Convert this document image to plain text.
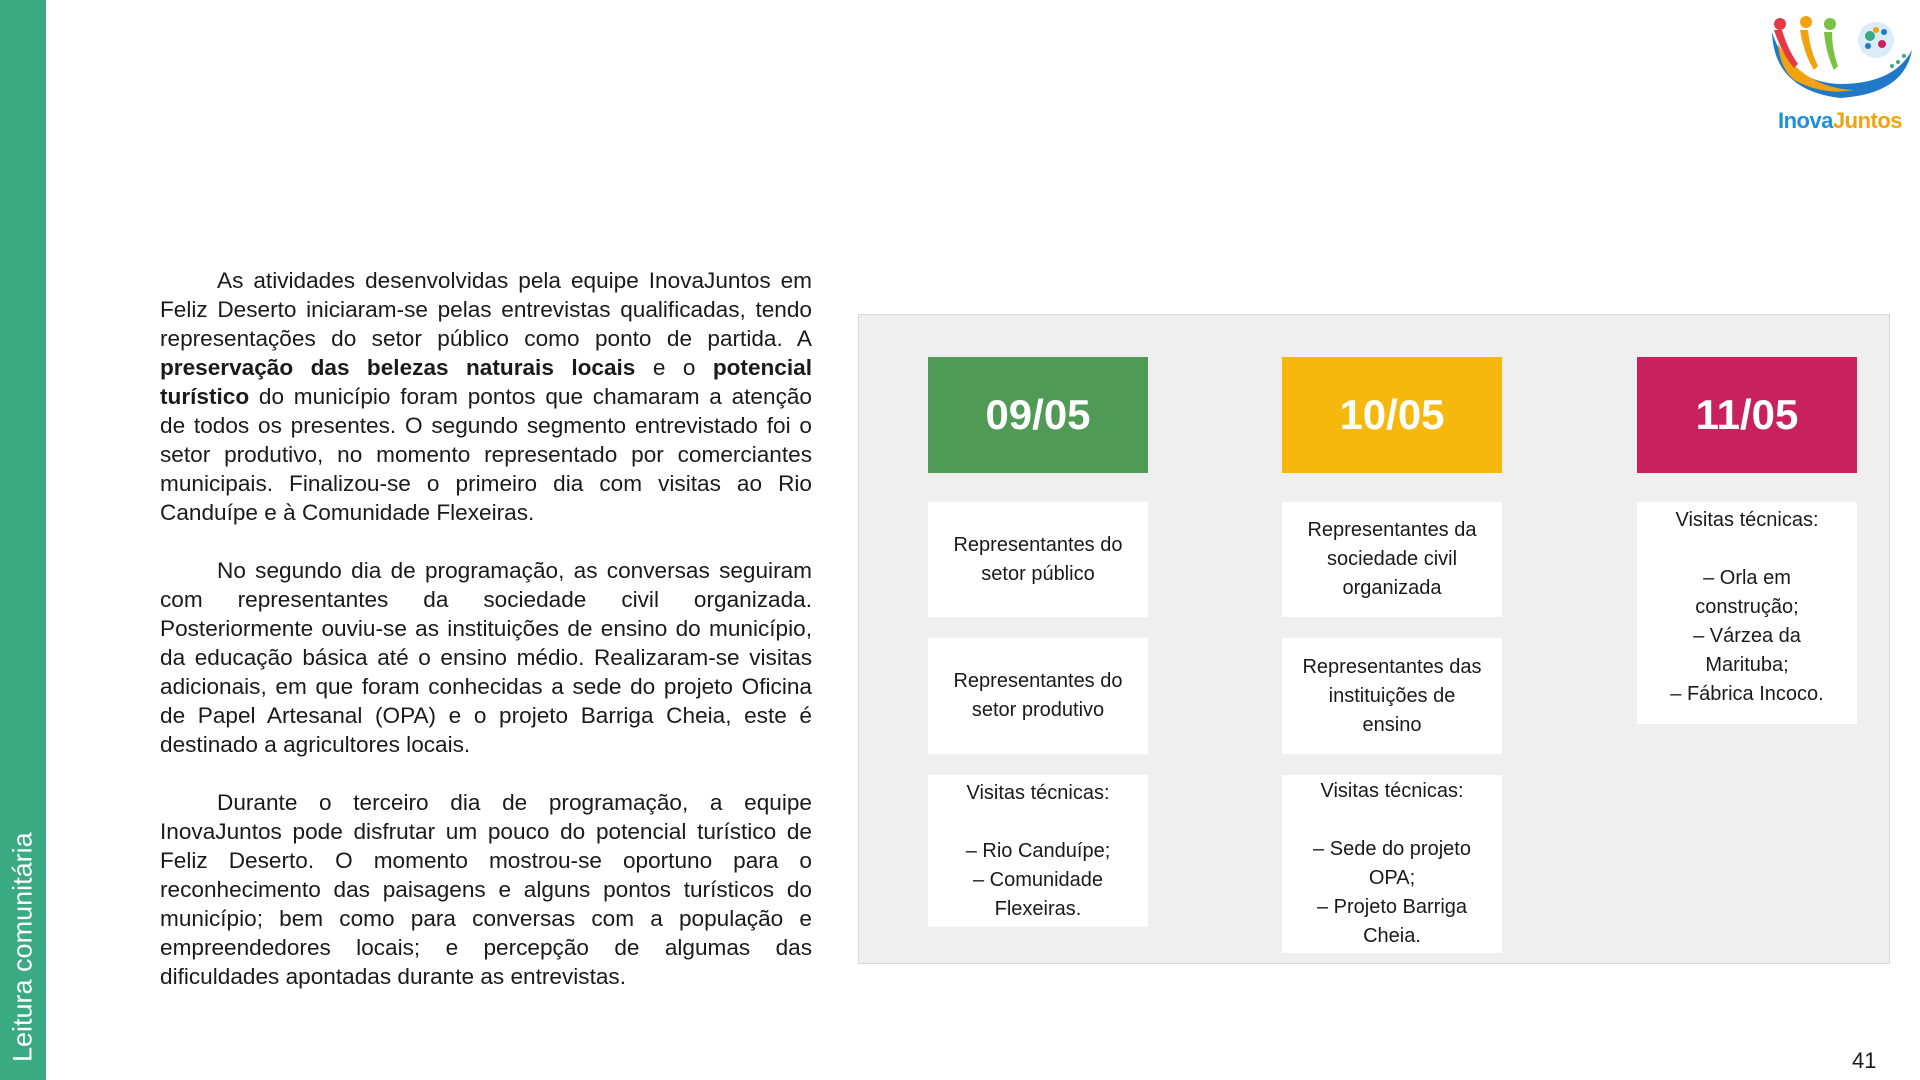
Leitura comunitária
InovaJuntos

As atividades desenvolvidas pela equipe InovaJuntos em Feliz Deserto iniciaram-se pelas entrevistas qualificadas, tendo representações do setor público como ponto de partida. A preservação das belezas naturais locais e o potencial turístico do município foram pontos que chamaram a atenção de todos os presentes. O segundo segmento entrevistado foi o setor produtivo, no momento representado por comerciantes municipais. Finalizou-se o primeiro dia com visitas ao Rio Canduípe e à Comunidade Flexeiras.

No segundo dia de programação, as conversas seguiram com representantes da sociedade civil organizada. Posteriormente ouviu-se as instituições de ensino do município, da educação básica até o ensino médio. Realizaram-se visitas adicionais, em que foram conhecidas a sede do projeto Oficina de Papel Artesanal (OPA) e o projeto Barriga Cheia, este é destinado a agricultores locais.

Durante o terceiro dia de programação, a equipe InovaJuntos pode disfrutar um pouco do potencial turístico de Feliz Deserto. O momento mostrou-se oportuno para o reconhecimento das paisagens e alguns pontos turísticos do município; bem como para conversas com a população e empreendedores locais; e percepção de algumas das dificuldades apontadas durante as entrevistas.

09/05
Representantes do
setor público
Representantes do
setor produtivo
Visitas técnicas:

– Rio Canduípe;
– Comunidade
Flexeiras.
10/05
Representantes da
sociedade civil
organizada
Representantes das
instituições de
ensino
Visitas técnicas:

– Sede do projeto
OPA;
– Projeto Barriga
Cheia.
11/05
Visitas técnicas:

– Orla em
construção;
– Várzea da
Marituba;
– Fábrica Incoco.
41
